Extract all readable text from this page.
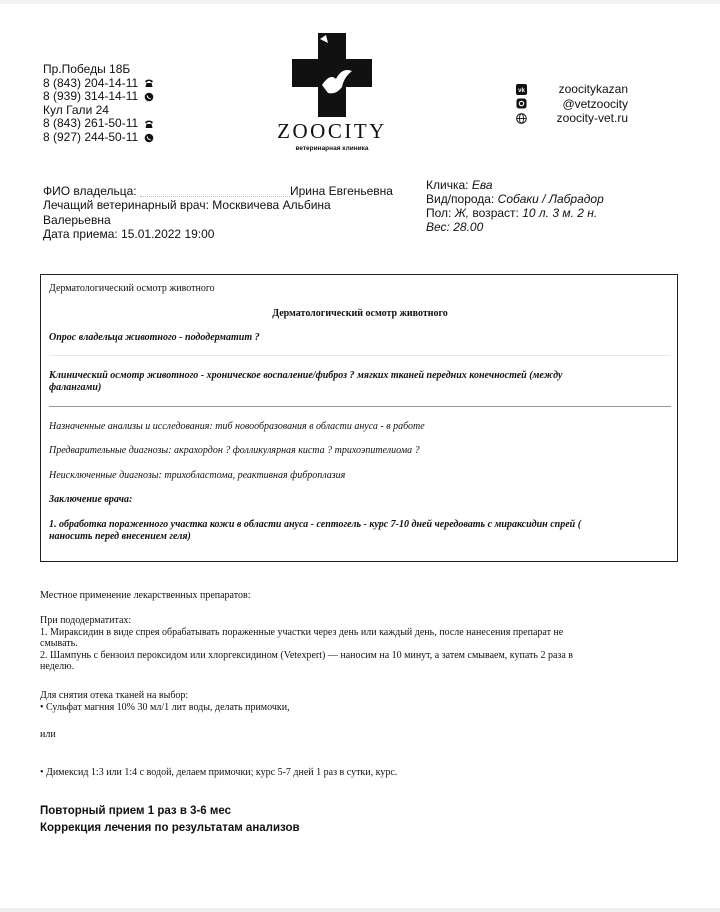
Пр.Победы 18Б
8 (843) 204-14-11
8 (939) 314-14-11
Кул Гали 24
8 (843) 261-50-11
8 (927) 244-50-11	ZOOCITY
ветеринарная клиника
vk	zoocitykazan
@vetzoocity
zoocity-vet.ru
ФИО владельца:	Ирина Евгеньевна
Лечащий ветеринарный врач: Москвичева Альбина
Валерьевна
Дата приема: 15.01.2022 19:00
Кличка: Ева
Вид/порода: Собаки / Лабрадор
Пол: Ж, возраст: 10 л. 3 м. 2 н.
Вес: 28.00
Дерматологический осмотр животного
Дерматологический осмотр животного
Опрос владельца животного - пододерматит ?
Клинический осмотр животного - хроническое воспаление/фиброз ? мягких тканей передних конечностей (между
фалангами)
Назначенные анализы и исследования: тиб новообразования в области ануса - в работе
Предварительные диагнозы: акрахордон ? фолликулярная киста ? трихоэпителиома ?
Неисключенные диагнозы: трихобластома, реактивная фиброплазия
Заключение врача:
1. обработка пораженного участка кожи в области ануса - септогель - курс 7-10 дней чередовать с мираксидин спрей (
наносить перед внесением геля)
Местное применение лекарственных препаратов:
При пододерматитах:
1. Мираксидин в виде спрея обрабатывать пораженные участки через день или каждый день, после нанесения препарат не
смывать.
2. Шампунь с бензоил пероксидом или хлоргексидином (Vetexpert) — наносим на 10 минут, а затем смываем, купать 2 раза в
неделю.
Для снятия отека тканей на выбор:
• Сульфат магния 10% 30 мл/1 лит воды, делать примочки,
или
• Димексид 1:3 или 1:4 с водой, делаем примочки; курс 5-7 дней 1 раз в сутки, курс.
Повторный прием 1 раз в 3-6 мес
Коррекция лечения по результатам анализов
